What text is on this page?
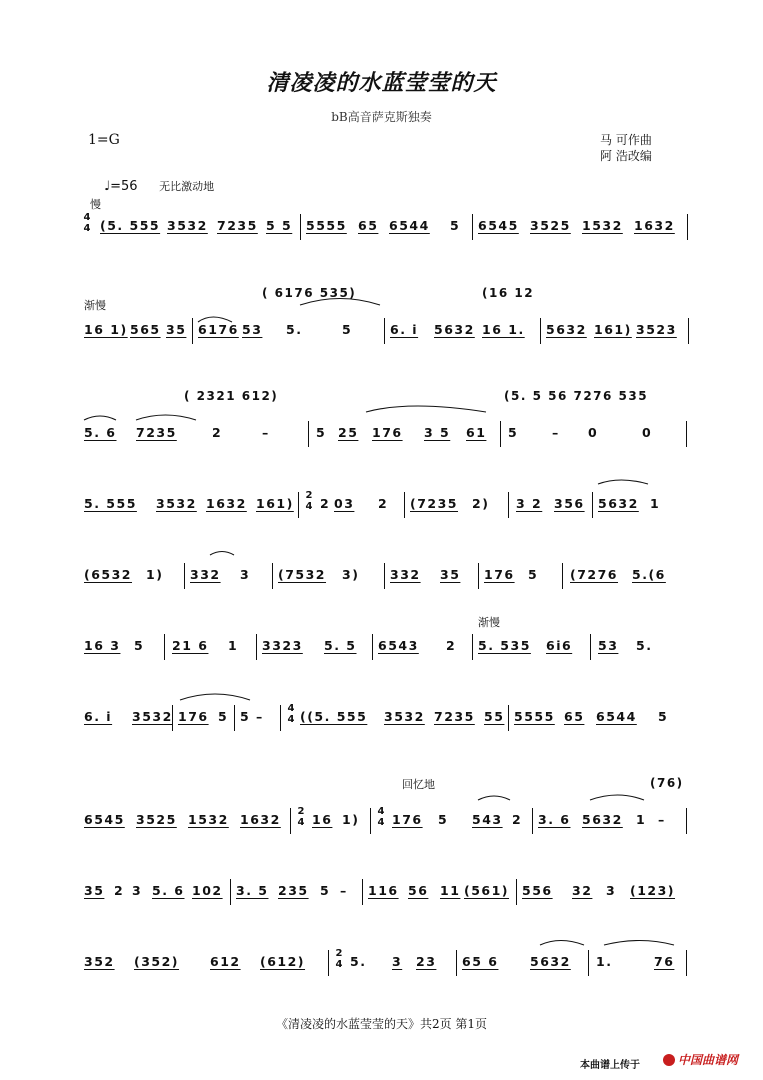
清凌凌的水蓝莹莹的天
bB高音萨克斯独奏
1=G	马 可作曲
阿 浩改编
♩=56 无比激动地
慢
4
4 (5. 555 3532 7235 5 5 5555 65 6544 5 6545 3525 1532 1632
渐慢
( 6176 535)	(16 12
16 1) 565 35 6176 53 5.	5	6. i 5632 16 1. 5632 161) 3523
( 2321 612)	(5. 5 56 7276 535
5. 6 7235	2	–	5 25 176 3 5 61 5	– 0	0
5. 555 3532 1632 161)
2
4 2 03 2 (7235 2) 3 2 356 5632 1
(6532 1) 332 3 (7532 3) 332 35 176 5	(7276 5.(6
渐慢
16 3 5 21 6 1 3323 5. 5 6543 2 5. 535 6i6 53 5.
6. i 3532 176 5 5 –
4
4 ((5. 555 3532 7235 55 5555 65 6544 5
回忆地	(76)
6545 3525 1532 1632
2
4 16 1)
4
4 176 5 543 2 3. 6 5632 1 –
35 2 3 5. 6 102 3. 5 235 5 – 116 56 11 (561) 556 32 3 (123)
352 (352) 612 (612)
2
4 5. 3 23 65 6	5632 1.	76
《清凌凌的水蓝莹莹的天》共2页 第1页
本曲谱上传于	中国曲谱网
